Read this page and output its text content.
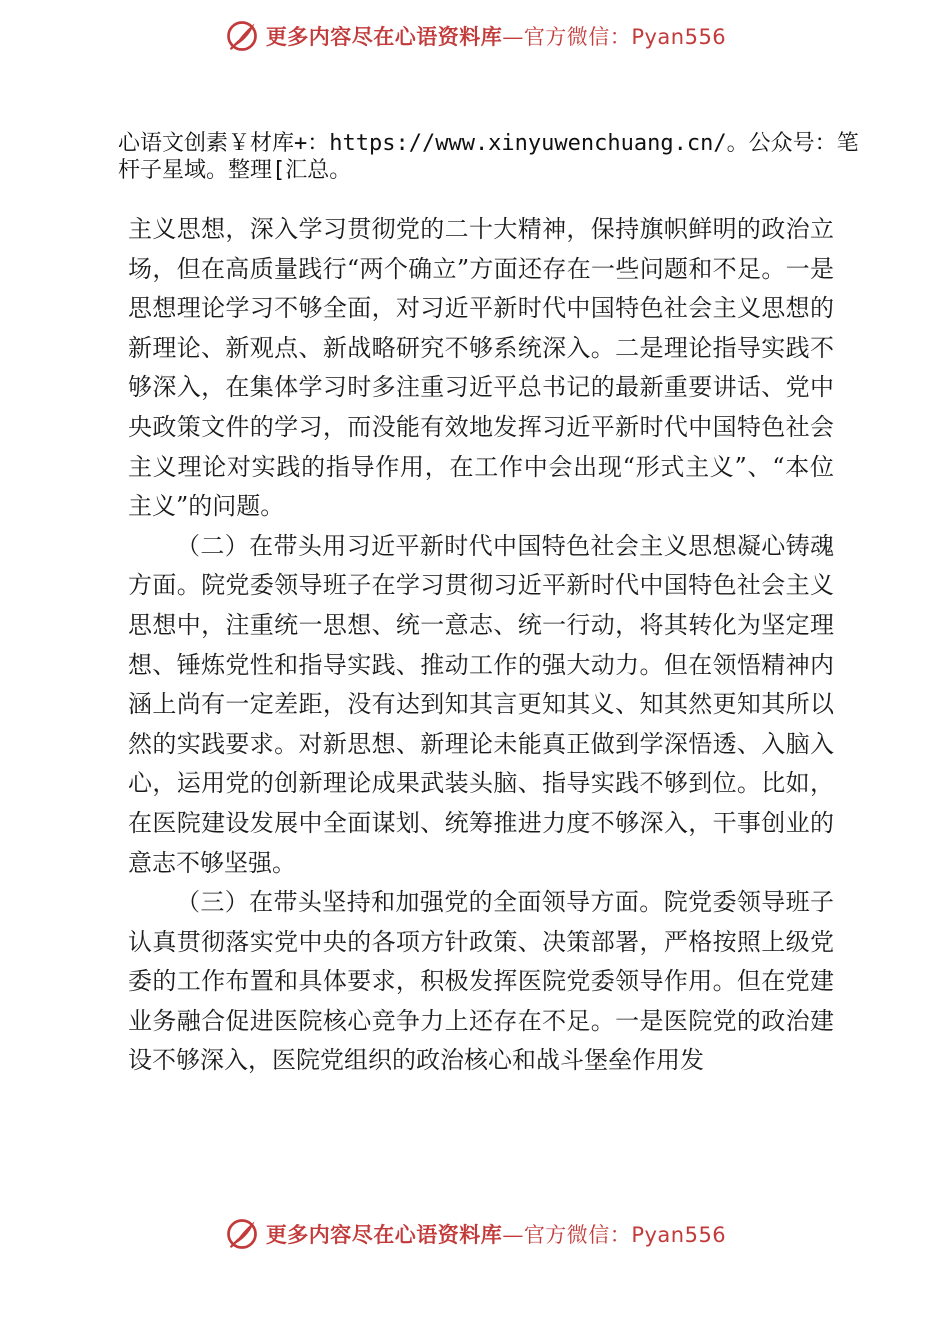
更多内容尽在心语资料库—官方微信：Pyan556
心语文创素￥材库+：https://www.xinyuwenchuang.cn/。公众号：笔杆子星域。整理[汇总。

主义思想，深入学习贯彻党的二十大精神，保持旗帜鲜明的政治立场，但在高质量践行“两个确立”方面还存在一些问题和不足。一是思想理论学习不够全面，对习近平新时代中国特色社会主义思想的新理论、新观点、新战略研究不够系统深入。二是理论指导实践不够深入，在集体学习时多注重习近平总书记的最新重要讲话、党中央政策文件的学习，而没能有效地发挥习近平新时代中国特色社会主义理论对实践的指导作用，在工作中会出现“形式主义”、“本位主义”的问题。

（二）在带头用习近平新时代中国特色社会主义思想凝心铸魂方面。院党委领导班子在学习贯彻习近平新时代中国特色社会主义思想中，注重统一思想、统一意志、统一行动，将其转化为坚定理想、锤炼党性和指导实践、推动工作的强大动力。但在领悟精神内涵上尚有一定差距，没有达到知其言更知其义、知其然更知其所以然的实践要求。对新思想、新理论未能真正做到学深悟透、入脑入心，运用党的创新理论成果武装头脑、指导实践不够到位。比如，在医院建设发展中全面谋划、统筹推进力度不够深入，干事创业的意志不够坚强。

（三）在带头坚持和加强党的全面领导方面。院党委领导班子认真贯彻落实党中央的各项方针政策、决策部署，严格按照上级党委的工作布置和具体要求，积极发挥医院党委领导作用。但在党建业务融合促进医院核心竞争力上还存在不足。一是医院党的政治建设不够深入，医院党组织的政治核心和战斗堡垒作用发

更多内容尽在心语资料库—官方微信：Pyan556
